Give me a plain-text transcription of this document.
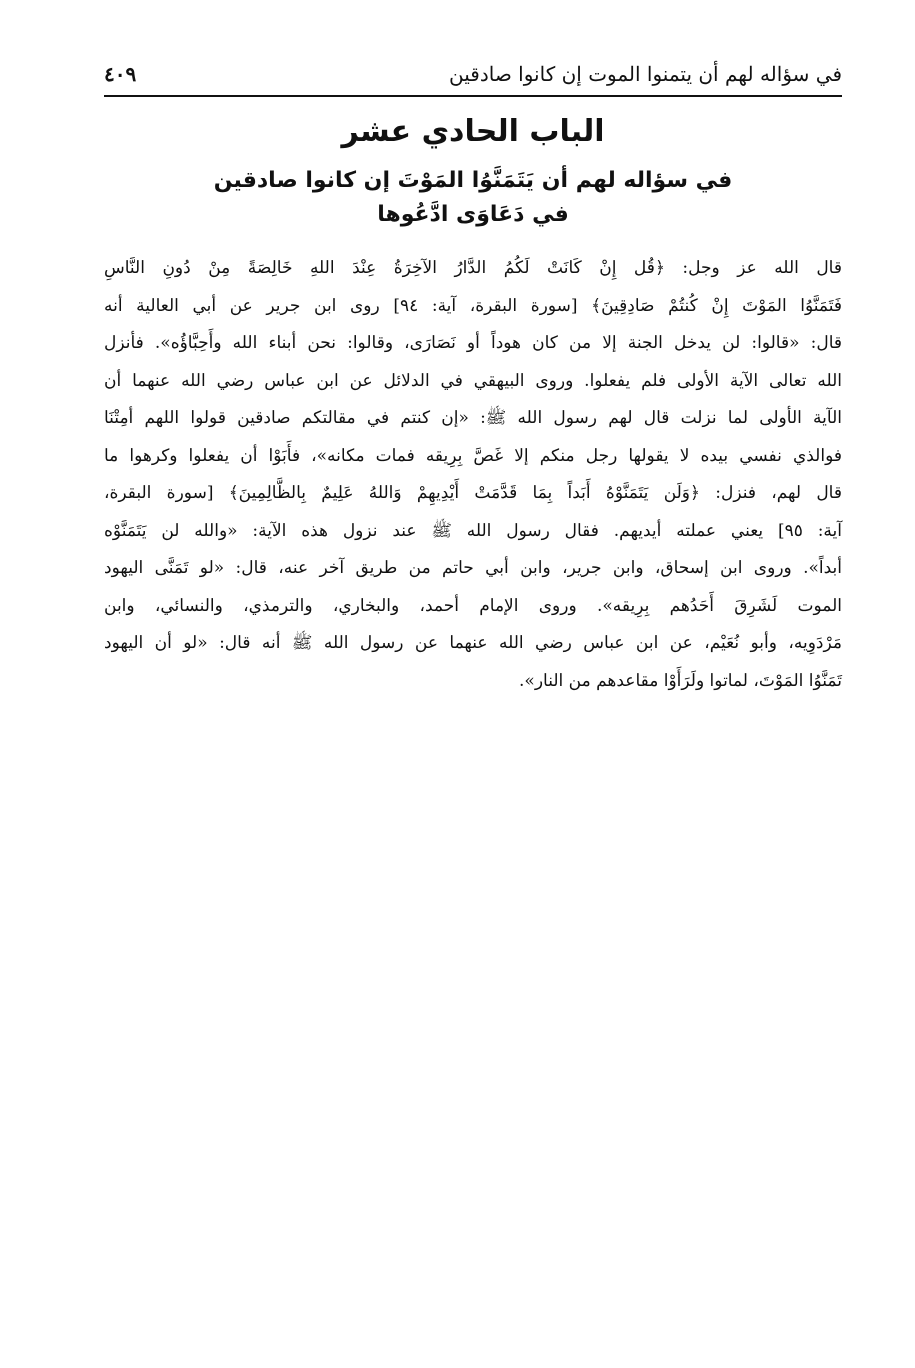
في سؤاله لهم أن يتمنوا الموت إن كانوا صادقين
٤٠٩
الباب الحادي عشر
في سؤاله لهم أن يَتَمَنَّوُا المَوْتَ إن كانوا صادقين
في دَعَاوَى ادَّعُوها
قال الله عز وجل: ﴿قُل إِنْ كَانَتْ لَكُمُ الدَّارُ الآخِرَةُ عِنْدَ اللهِ خَالِصَةً مِنْ دُونِ النَّاسِ
فَتَمَنَّوُا المَوْتَ إِنْ كُنتُمْ صَادِقِينَ﴾ [سورة البقرة، آية: ٩٤] روى ابن جرير عن أبي العالية أنه
قال: «قالوا: لن يدخل الجنة إلا من كان هوداً أو نَصَارَى، وقالوا: نحن أبناء الله وأَحِبَّاؤُه». فأنزل
الله تعالى الآية الأولى فلم يفعلوا. وروى البيهقي في الدلائل عن ابن عباس رضي الله عنهما أن
الآية الأولى لما نزلت قال لهم رسول الله ﷺ: «إن كنتم في مقالتكم صادقين قولوا اللهم أمِتْنَا
فوالذي نفسي بيده لا يقولها رجل منكم إلا غَصَّ بِرِيقه فمات مكانه»، فأَبَوْا أن يفعلوا وكرهوا ما
قال لهم، فنزل: ﴿وَلَن يَتَمَنَّوْهُ أَبَداً بِمَا قَدَّمَتْ أَيْدِيهِمْ وَاللهُ عَلِيمٌ بِالظَّالِمِينَ﴾ [سورة البقرة،
آية: ٩٥] يعني عملته أيديهم. فقال رسول الله ﷺ عند نزول هذه الآية: «والله لن يَتَمَنَّوْه
أبداً». وروى ابن إسحاق، وابن جرير، وابن أبي حاتم من طريق آخر عنه، قال: «لو تَمَنَّى اليهود
الموت لَشَرِقَ أَحَدُهم بِرِيقه». وروى الإمام أحمد، والبخاري، والترمذي، والنسائي، وابن
مَرْدَوِيه، وأبو نُعَيْم، عن ابن عباس رضي الله عنهما عن رسول الله ﷺ أنه قال: «لو أن اليهود
تَمَنَّوُا المَوْتَ، لماتوا ولَرَأَوْا مقاعدهم من النار».
